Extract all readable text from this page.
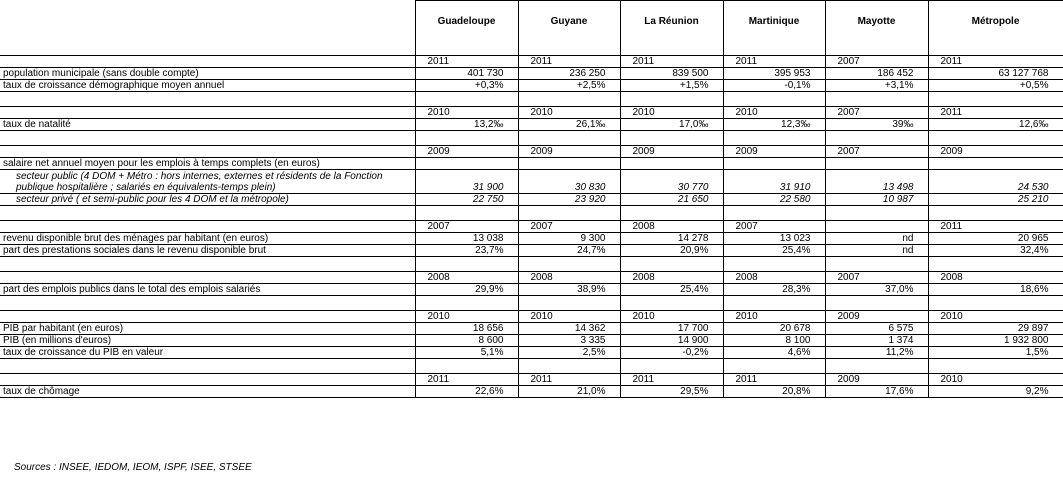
	Guadeloupe	Guyane	La Réunion	Martinique	Mayotte	Métropole

	2011	2011	2011	2011	2007	2011
population municipale (sans double compte)	401 730	236 250	839 500	395 953	186 452	63 127 768
taux de croissance démographique moyen annuel	+0,3%	+2,5%	+1,5%	-0,1%	+3,1%	+0,5%

	2010	2010	2010	2010	2007	2011
taux de natalité	13,2‰	26,1‰	17,0‰	12,3‰	39‰	12,6‰

	2009	2009	2009	2009	2007	2009
salaire net annuel moyen pour les emplois à temps complets (en euros)						
secteur public (4 DOM + Métro : hors internes, externes et résidents de la Fonction						
publique hospitalière ; salariés en équivalents-temps plein)	31 900	30 830	30 770	31 910	13 498	24 530
secteur privé ( et semi-public pour les 4 DOM et la métropole)	22 750	23 920	21 650	22 580	10 987	25 210

	2007	2007	2008	2007		2011
revenu disponible brut des ménages par habitant (en euros)	13 038	9 300	14 278	13 023	nd	20 965
part des prestations sociales dans le revenu disponible brut	23,7%	24,7%	20,9%	25,4%	nd	32,4%

	2008	2008	2008	2008	2007	2008
part des emplois publics dans le total des emplois salariés	29,9%	38,9%	25,4%	28,3%	37,0%	18,6%

	2010	2010	2010	2010	2009	2010
PIB par habitant (en euros)	18 656	14 362	17 700	20 678	6 575	29 897
PIB (en millions d'euros)	8 600	3 335	14 900	8 100	1 374	1 932 800
taux de croissance du PIB en valeur	5,1%	2,5%	-0,2%	4,6%	11,2%	1,5%

	2011	2011	2011	2011	2009	2010
taux de chômage	22,6%	21,0%	29,5%	20,8%	17,6%	9,2%
Sources : INSEE, IEDOM, IEOM, ISPF, ISEE, STSEE
